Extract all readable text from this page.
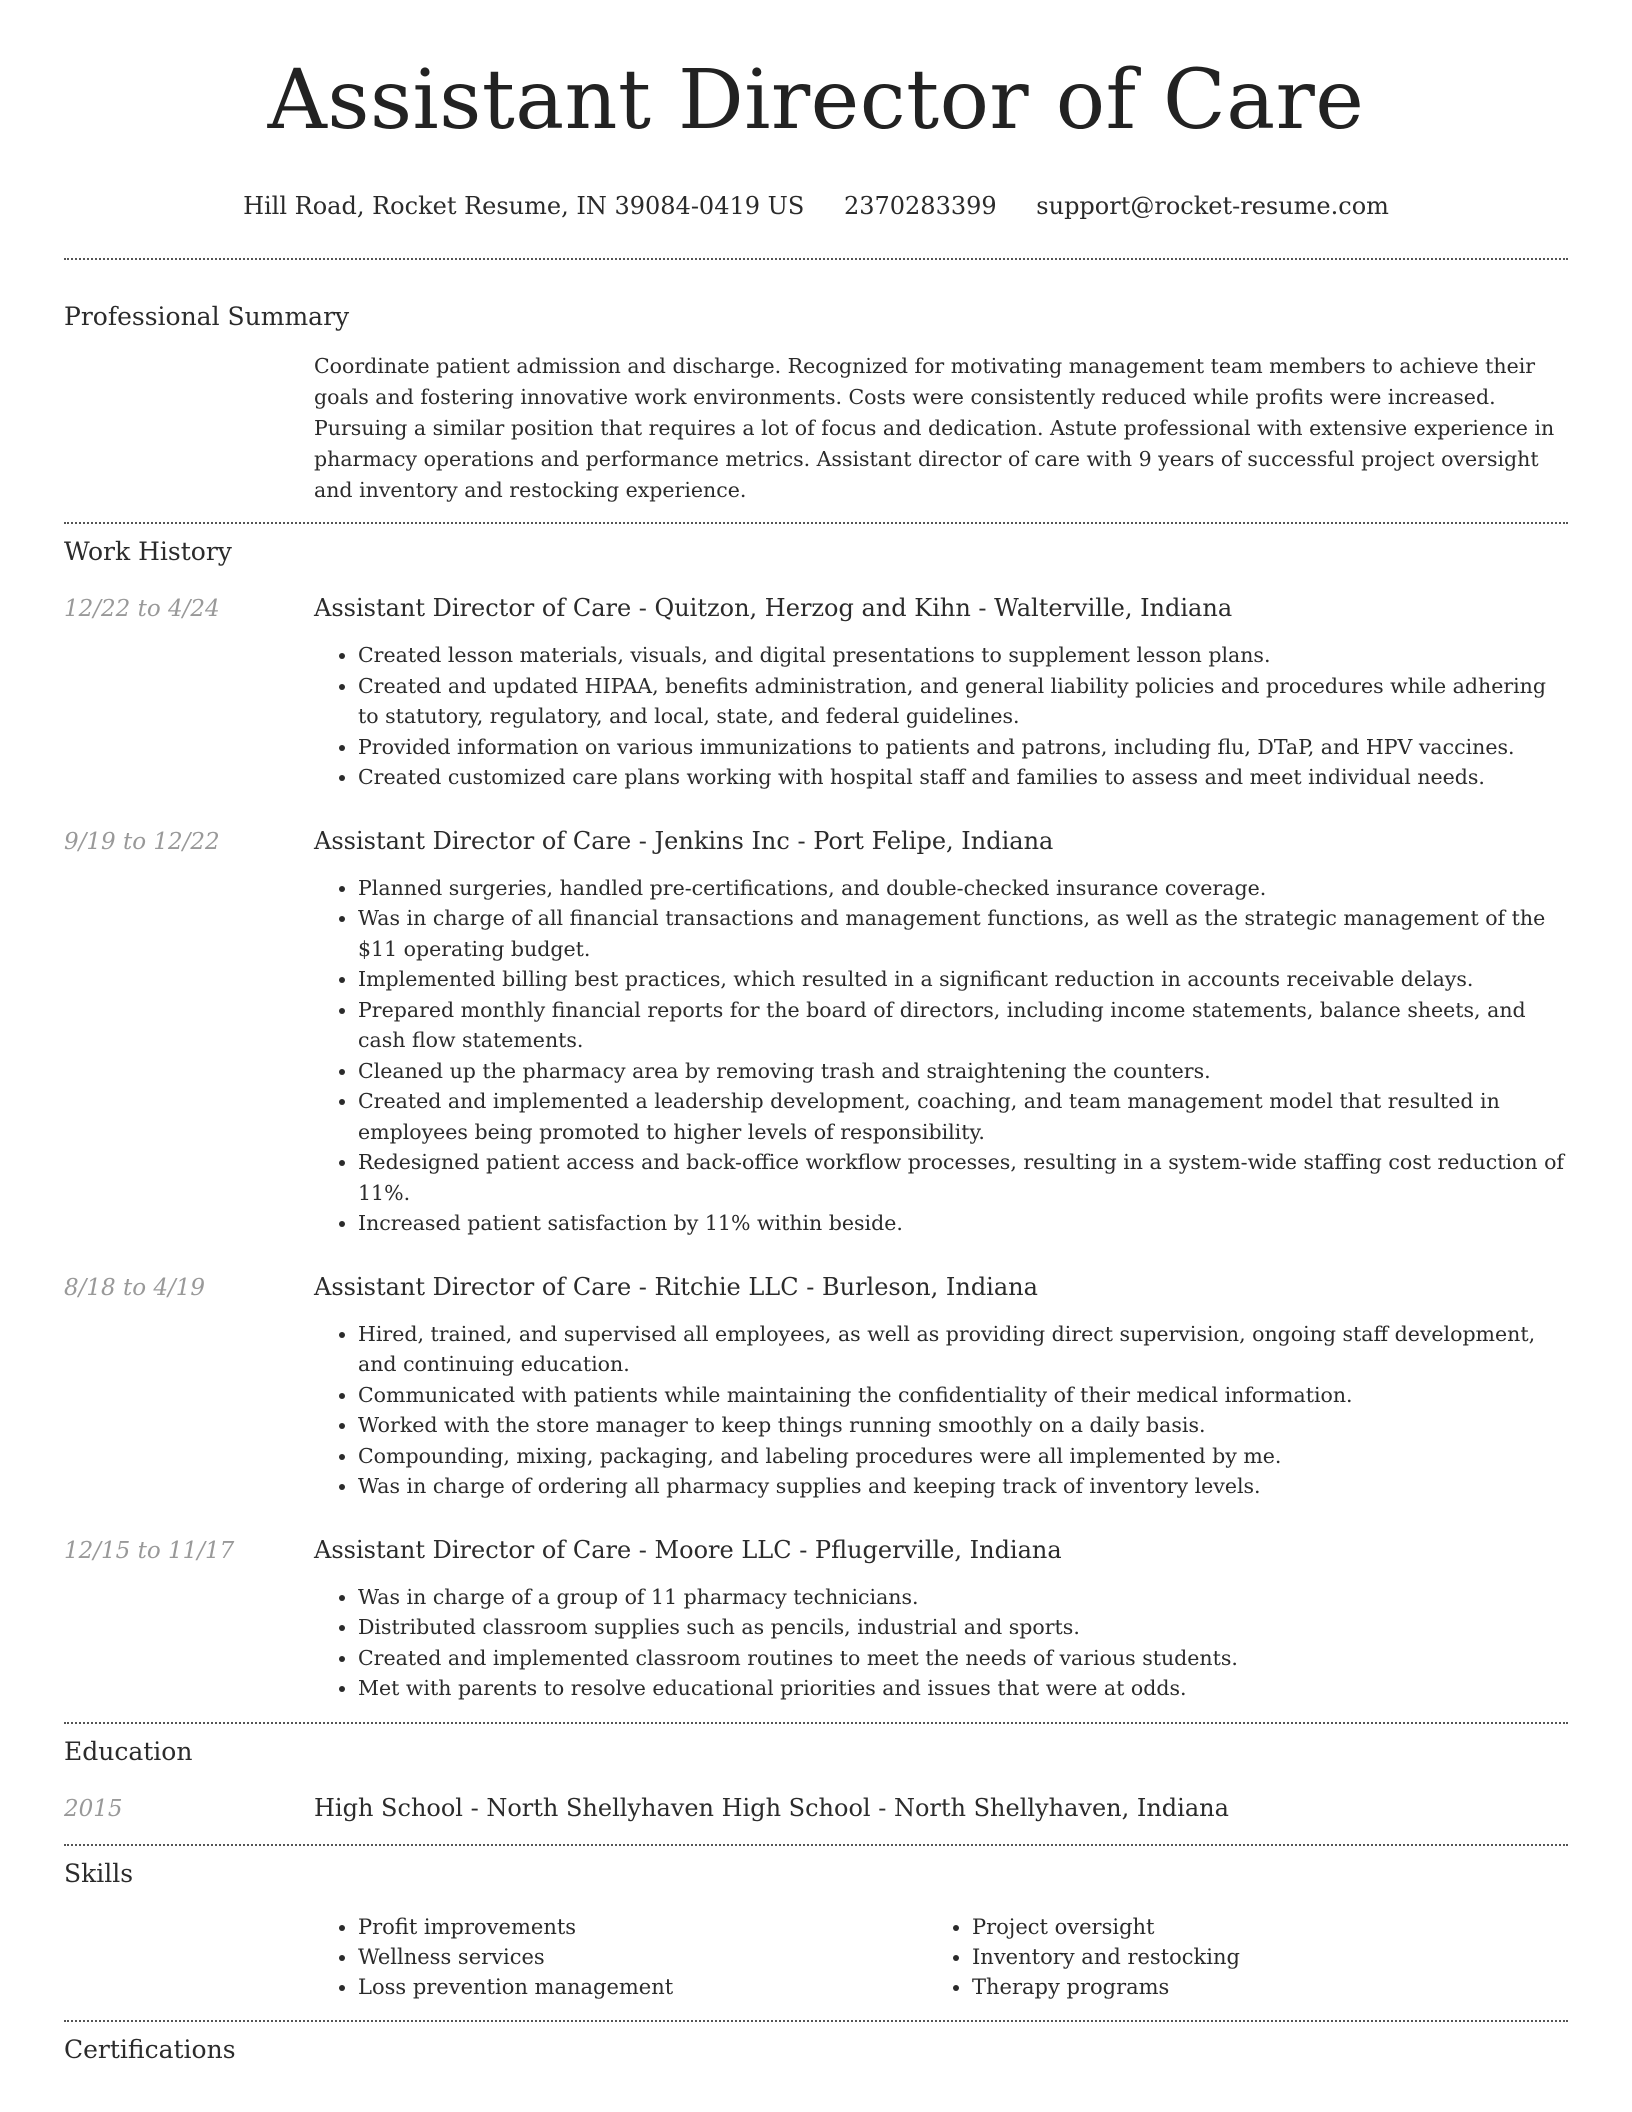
Assistant Director of Care
Hill Road, Rocket Resume, IN 39084-0419 US 2370283399 support@rocket-resume.com
Professional Summary
Coordinate patient admission and discharge. Recognized for motivating management team members to achieve their goals and fostering innovative work environments. Costs were consistently reduced while profits were increased. Pursuing a similar position that requires a lot of focus and dedication. Astute professional with extensive experience in pharmacy operations and performance metrics. Assistant director of care with 9 years of successful project oversight and inventory and restocking experience.
Work History
12/22 to 4/24	Assistant Director of Care - Quitzon, Herzog and Kihn - Walterville, Indiana
• Created lesson materials, visuals, and digital presentations to supplement lesson plans.
• Created and updated HIPAA, benefits administration, and general liability policies and procedures while adhering to statutory, regulatory, and local, state, and federal guidelines.
• Provided information on various immunizations to patients and patrons, including flu, DTaP, and HPV vaccines.
• Created customized care plans working with hospital staff and families to assess and meet individual needs.
9/19 to 12/22	Assistant Director of Care - Jenkins Inc - Port Felipe, Indiana
• Planned surgeries, handled pre-certifications, and double-checked insurance coverage.
• Was in charge of all financial transactions and management functions, as well as the strategic management of the $11 operating budget.
• Implemented billing best practices, which resulted in a significant reduction in accounts receivable delays.
• Prepared monthly financial reports for the board of directors, including income statements, balance sheets, and cash flow statements.
• Cleaned up the pharmacy area by removing trash and straightening the counters.
• Created and implemented a leadership development, coaching, and team management model that resulted in employees being promoted to higher levels of responsibility.
• Redesigned patient access and back-office workflow processes, resulting in a system-wide staffing cost reduction of 11%.
• Increased patient satisfaction by 11% within beside.
8/18 to 4/19	Assistant Director of Care - Ritchie LLC - Burleson, Indiana
• Hired, trained, and supervised all employees, as well as providing direct supervision, ongoing staff development, and continuing education.
• Communicated with patients while maintaining the confidentiality of their medical information.
• Worked with the store manager to keep things running smoothly on a daily basis.
• Compounding, mixing, packaging, and labeling procedures were all implemented by me.
• Was in charge of ordering all pharmacy supplies and keeping track of inventory levels.
12/15 to 11/17	Assistant Director of Care - Moore LLC - Pflugerville, Indiana
• Was in charge of a group of 11 pharmacy technicians.
• Distributed classroom supplies such as pencils, industrial and sports.
• Created and implemented classroom routines to meet the needs of various students.
• Met with parents to resolve educational priorities and issues that were at odds.
Education
2015	High School - North Shellyhaven High School - North Shellyhaven, Indiana
Skills
• Profit improvements
• Wellness services
• Loss prevention management
• Project oversight
• Inventory and restocking
• Therapy programs
Certifications
